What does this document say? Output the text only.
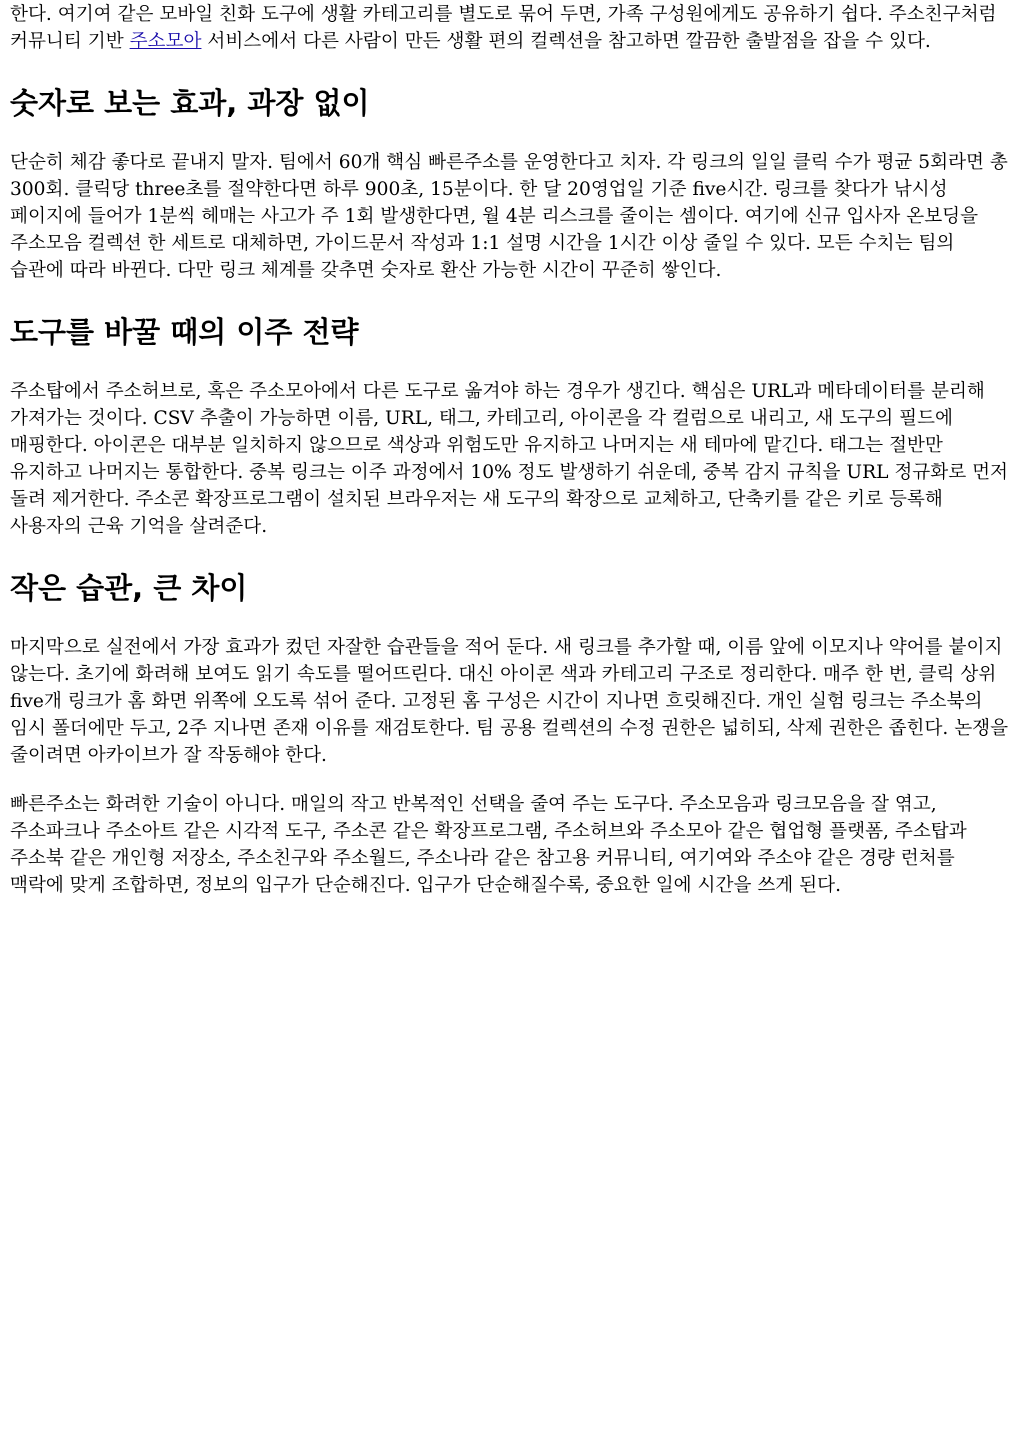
한다. 여기여 같은 모바일 친화 도구에 생활 카테고리를 별도로 묶어 두면, 가족 구성원에게도 공유하기 쉽다. 주소친구처럼 커뮤니티 기반 주소모아 서비스에서 다른 사람이 만든 생활 편의 컬렉션을 참고하면 깔끔한 출발점을 잡을 수 있다.

숫자로 보는 효과, 과장 없이

단순히 체감 좋다로 끝내지 말자. 팀에서 60개 핵심 빠른주소를 운영한다고 치자. 각 링크의 일일 클릭 수가 평균 5회라면 총 300회. 클릭당 three초를 절약한다면 하루 900초, 15분이다. 한 달 20영업일 기준 five시간. 링크를 찾다가 낚시성 페이지에 들어가 1분씩 헤매는 사고가 주 1회 발생한다면, 월 4분 리스크를 줄이는 셈이다. 여기에 신규 입사자 온보딩을 주소모음 컬렉션 한 세트로 대체하면, 가이드문서 작성과 1:1 설명 시간을 1시간 이상 줄일 수 있다. 모든 수치는 팀의 습관에 따라 바뀐다. 다만 링크 체계를 갖추면 숫자로 환산 가능한 시간이 꾸준히 쌓인다.

도구를 바꿀 때의 이주 전략

주소탑에서 주소허브로, 혹은 주소모아에서 다른 도구로 옮겨야 하는 경우가 생긴다. 핵심은 URL과 메타데이터를 분리해 가져가는 것이다. CSV 추출이 가능하면 이름, URL, 태그, 카테고리, 아이콘을 각 컬럼으로 내리고, 새 도구의 필드에 매핑한다. 아이콘은 대부분 일치하지 않으므로 색상과 위험도만 유지하고 나머지는 새 테마에 맡긴다. 태그는 절반만 유지하고 나머지는 통합한다. 중복 링크는 이주 과정에서 10% 정도 발생하기 쉬운데, 중복 감지 규칙을 URL 정규화로 먼저 돌려 제거한다. 주소콘 확장프로그램이 설치된 브라우저는 새 도구의 확장으로 교체하고, 단축키를 같은 키로 등록해 사용자의 근육 기억을 살려준다.

작은 습관, 큰 차이

마지막으로 실전에서 가장 효과가 컸던 자잘한 습관들을 적어 둔다. 새 링크를 추가할 때, 이름 앞에 이모지나 약어를 붙이지 않는다. 초기에 화려해 보여도 읽기 속도를 떨어뜨린다. 대신 아이콘 색과 카테고리 구조로 정리한다. 매주 한 번, 클릭 상위 five개 링크가 홈 화면 위쪽에 오도록 섞어 준다. 고정된 홈 구성은 시간이 지나면 흐릿해진다. 개인 실험 링크는 주소북의 임시 폴더에만 두고, 2주 지나면 존재 이유를 재검토한다. 팀 공용 컬렉션의 수정 권한은 넓히되, 삭제 권한은 좁힌다. 논쟁을 줄이려면 아카이브가 잘 작동해야 한다.

빠른주소는 화려한 기술이 아니다. 매일의 작고 반복적인 선택을 줄여 주는 도구다. 주소모음과 링크모음을 잘 엮고, 주소파크나 주소아트 같은 시각적 도구, 주소콘 같은 확장프로그램, 주소허브와 주소모아 같은 협업형 플랫폼, 주소탑과 주소북 같은 개인형 저장소, 주소친구와 주소월드, 주소나라 같은 참고용 커뮤니티, 여기여와 주소야 같은 경량 런처를 맥락에 맞게 조합하면, 정보의 입구가 단순해진다. 입구가 단순해질수록, 중요한 일에 시간을 쓰게 된다.
